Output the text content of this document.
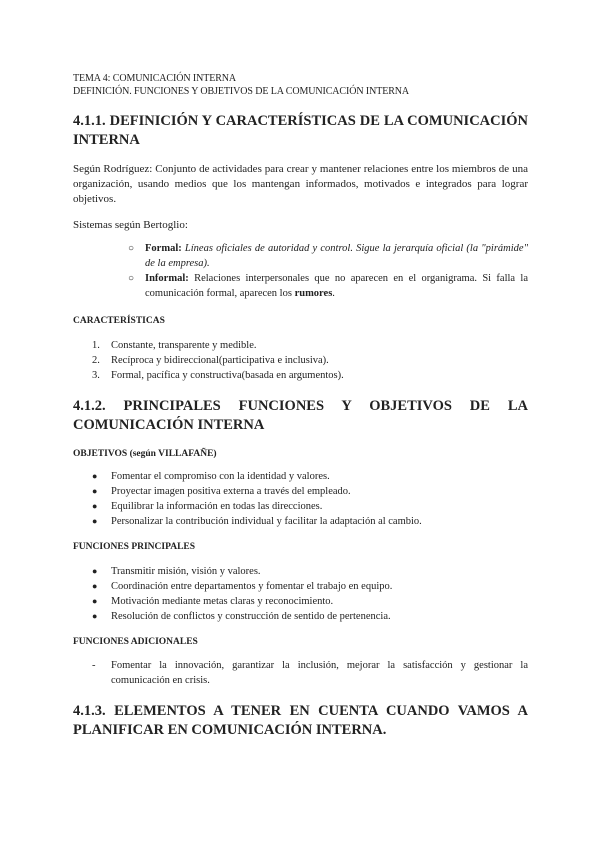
TEMA 4: COMUNICACIÓN INTERNA
DEFINICIÓN. FUNCIONES Y OBJETIVOS DE LA COMUNICACIÓN INTERNA
4.1.1. DEFINICIÓN Y CARACTERÍSTICAS DE LA COMUNICACIÓN INTERNA

Según Rodríguez: Conjunto de actividades para crear y mantener relaciones entre los miembros de una organización, usando medios que los mantengan informados, motivados e integrados para lograr objetivos.

Sistemas según Bertoglio:

○ Formal: Líneas oficiales de autoridad y control. Sigue la jerarquía oficial (la "pirámide" de la empresa).
○ Informal: Relaciones interpersonales que no aparecen en el organigrama. Si falla la comunicación formal, aparecen los rumores.
CARACTERÍSTICAS
1. Constante, transparente y medible.
2. Recíproca y bidireccional(participativa e inclusiva).
3. Formal, pacífica y constructiva(basada en argumentos).
4.1.2. PRINCIPALES FUNCIONES Y OBJETIVOS DE LA COMUNICACIÓN INTERNA
OBJETIVOS (según VILLAFAÑE)
● Fomentar el compromiso con la identidad y valores.
● Proyectar imagen positiva externa a través del empleado.
● Equilibrar la información en todas las direcciones.
● Personalizar la contribución individual y facilitar la adaptación al cambio.
FUNCIONES PRINCIPALES
● Transmitir misión, visión y valores.
● Coordinación entre departamentos y fomentar el trabajo en equipo.
● Motivación mediante metas claras y reconocimiento.
● Resolución de conflictos y construcción de sentido de pertenencia.
FUNCIONES ADICIONALES
- Fomentar la innovación, garantizar la inclusión, mejorar la satisfacción y gestionar la comunicación en crisis.
4.1.3. ELEMENTOS A TENER EN CUENTA CUANDO VAMOS A PLANIFICAR EN COMUNICACIÓN INTERNA.
